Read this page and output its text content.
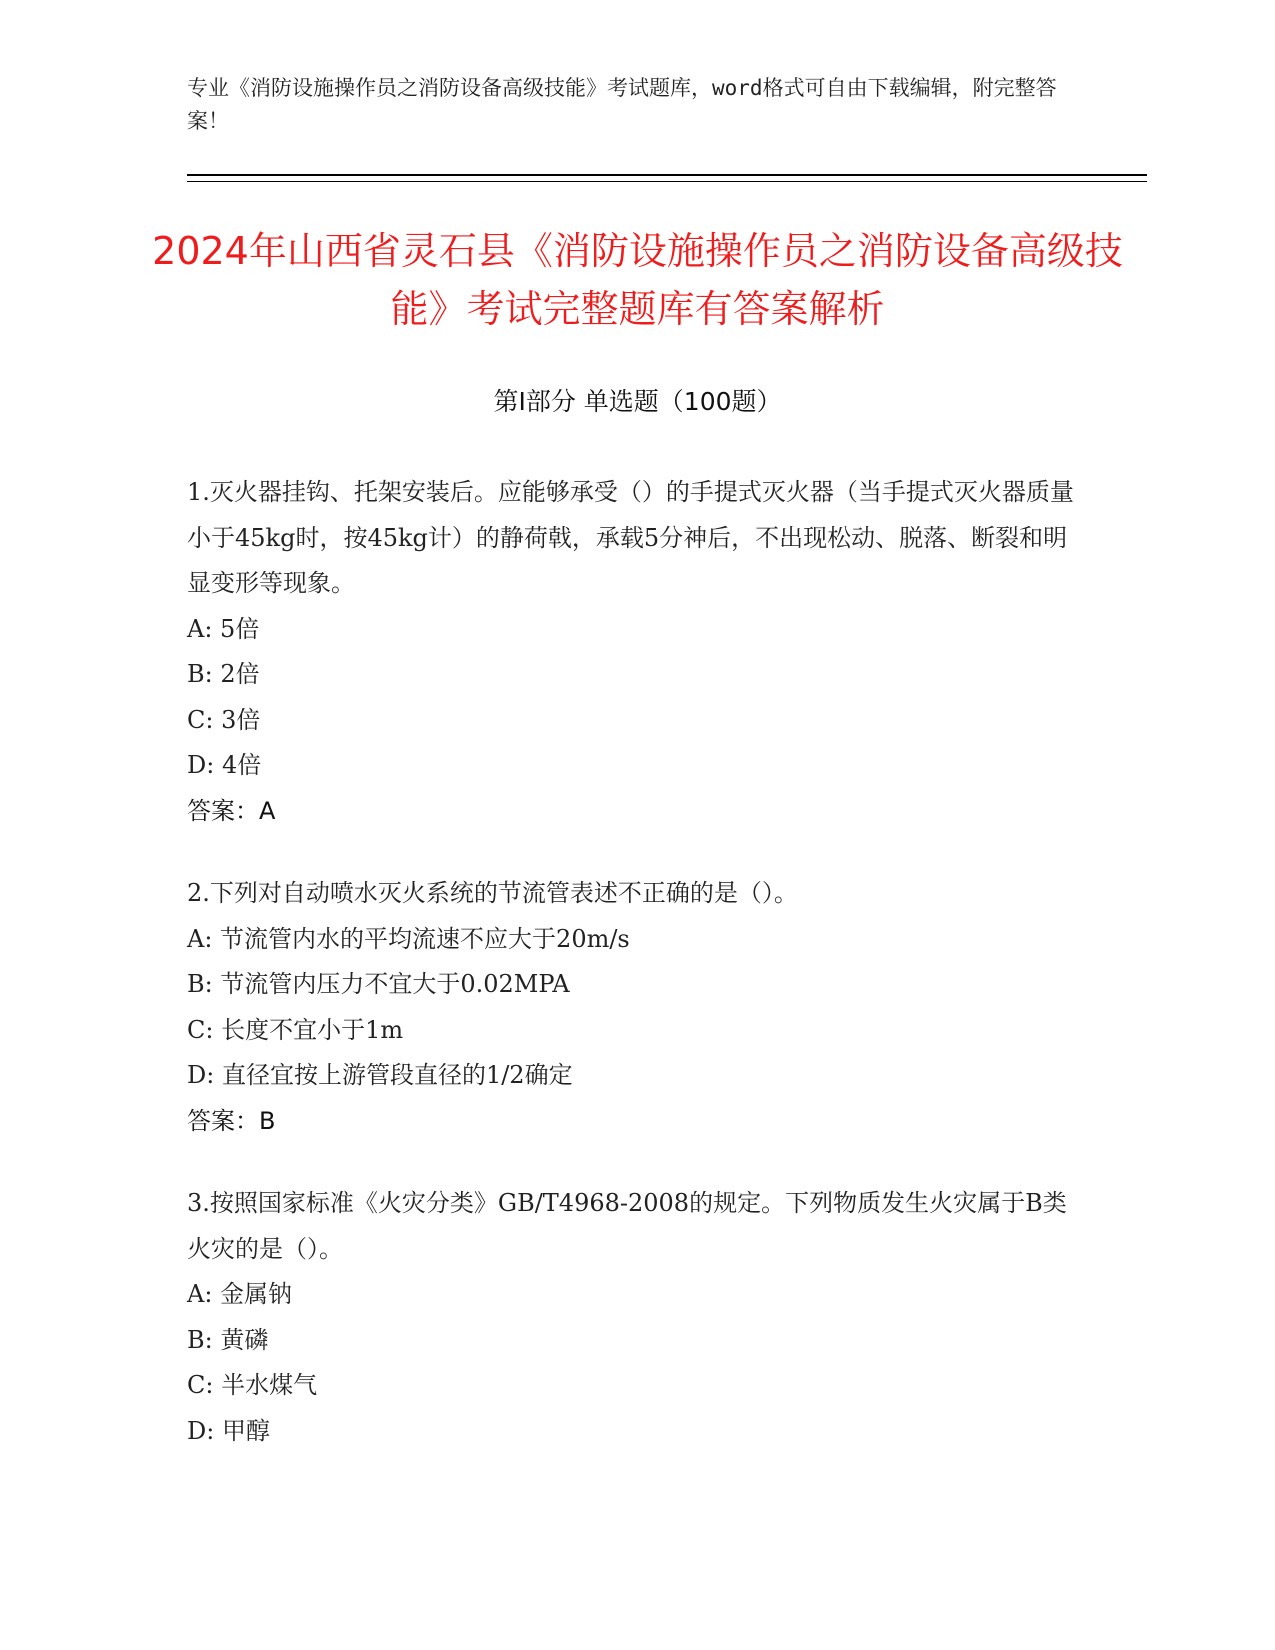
专业《消防设施操作员之消防设备高级技能》考试题库，word格式可自由下载编辑，附完整答案！
2024年山西省灵石县《消防设施操作员之消防设备高级技能》考试完整题库有答案解析
第Ⅰ部分 单选题（100题）
1.灭火器挂钩、托架安装后。应能够承受（）的手提式灭火器（当手提式灭火器质量小于45kg时，按45kg计）的静荷戟，承载5分神后，不出现松动、脱落、断裂和明显变形等现象。
A: 5倍
B: 2倍
C: 3倍
D: 4倍
答案：A
2.下列对自动喷水灭火系统的节流管表述不正确的是（）。
A: 节流管内水的平均流速不应大于20m/s
B: 节流管内压力不宜大于0.02MPA
C: 长度不宜小于1m
D: 直径宜按上游管段直径的1/2确定
答案：B
3.按照国家标准《火灾分类》GB/T4968-2008的规定。下列物质发生火灾属于B类火灾的是（）。
A: 金属钠
B: 黄磷
C: 半水煤气
D: 甲醇
